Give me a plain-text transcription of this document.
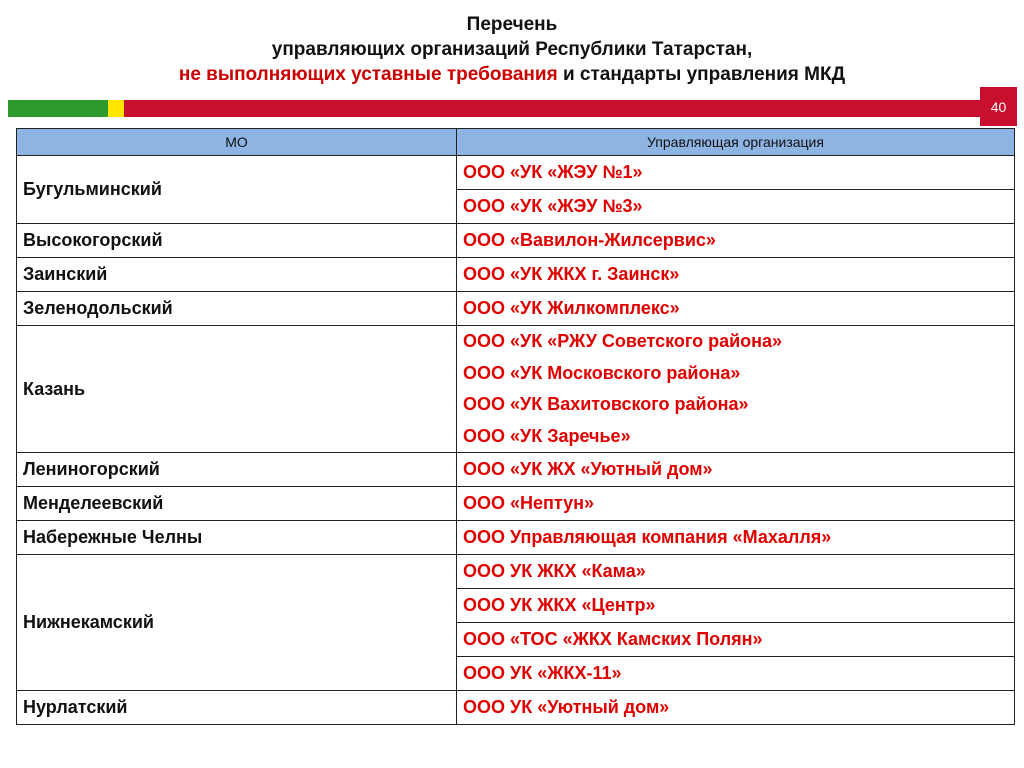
Перечень
управляющих организаций Республики Татарстан,
не выполняющих уставные требования и стандарты управления МКД
40
МО	Управляющая организация
Бугульминский	ООО «УК «ЖЭУ №1»
	ООО «УК «ЖЭУ №3»
Высокогорский	ООО «Вавилон-Жилсервис»
Заинский	ООО «УК ЖКХ г. Заинск»
Зеленодольский	ООО «УК Жилкомплекс»
Казань	ООО «УК «РЖУ Советского района»
	ООО «УК Московского района»
	ООО «УК Вахитовского района»
	ООО «УК Заречье»
Лениногорский	ООО «УК ЖХ «Уютный дом»
Менделеевский	ООО «Нептун»
Набережные Челны	ООО Управляющая компания «Махалля»
Нижнекамский	ООО УК ЖКХ «Кама»
	ООО УК ЖКХ «Центр»
	ООО «ТОС «ЖКХ Камских Полян»
	ООО УК «ЖКХ-11»
Нурлатский	ООО УК «Уютный дом»
